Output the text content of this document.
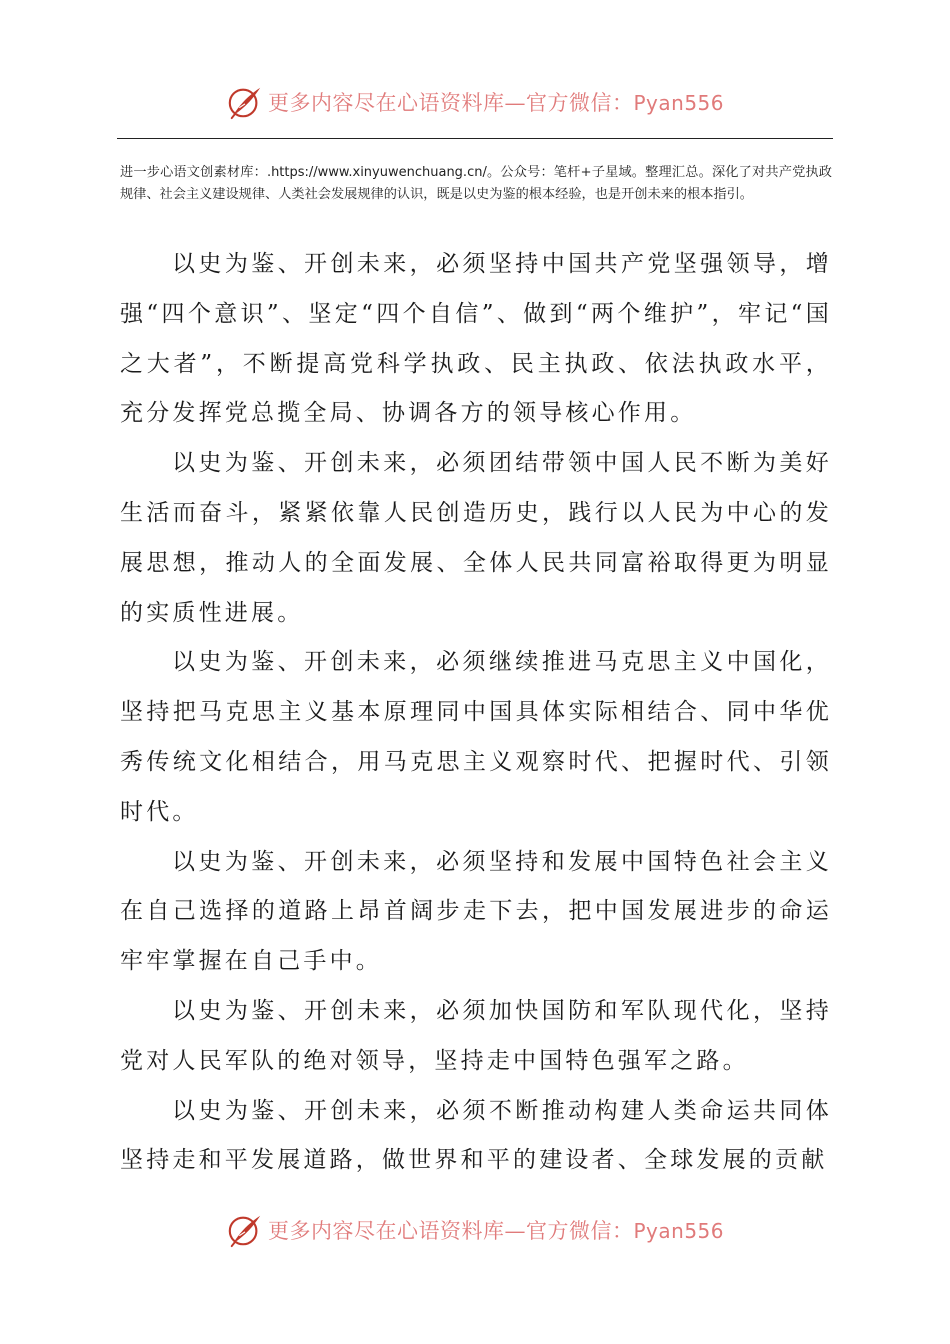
更多内容尽在心语资料库—官方微信：Pyan556
进一步心语文创素材库：.https://www.xinyuwenchuang.cn/。公众号：笔杆+子星域。整理汇总。深化了对共产党执政规律、社会主义建设规律、人类社会发展规律的认识，既是以史为鉴的根本经验，也是开创未来的根本指引。

以史为鉴、开创未来，必须坚持中国共产党坚强领导，增强“四个意识”、坚定“四个自信”、做到“两个维护”，牢记“国之大者”，不断提高党科学执政、民主执政、依法执政水平，充分发挥党总揽全局、协调各方的领导核心作用。

以史为鉴、开创未来，必须团结带领中国人民不断为美好生活而奋斗，紧紧依靠人民创造历史，践行以人民为中心的发展思想，推动人的全面发展、全体人民共同富裕取得更为明显的实质性进展。

以史为鉴、开创未来，必须继续推进马克思主义中国化，坚持把马克思主义基本原理同中国具体实际相结合、同中华优秀传统文化相结合，用马克思主义观察时代、把握时代、引领时代。

以史为鉴、开创未来，必须坚持和发展中国特色社会主义在自己选择的道路上昂首阔步走下去，把中国发展进步的命运牢牢掌握在自己手中。

以史为鉴、开创未来，必须加快国防和军队现代化，坚持党对人民军队的绝对领导，坚持走中国特色强军之路。

以史为鉴、开创未来，必须不断推动构建人类命运共同体坚持走和平发展道路，做世界和平的建设者、全球发展的贡献

更多内容尽在心语资料库—官方微信：Pyan556
